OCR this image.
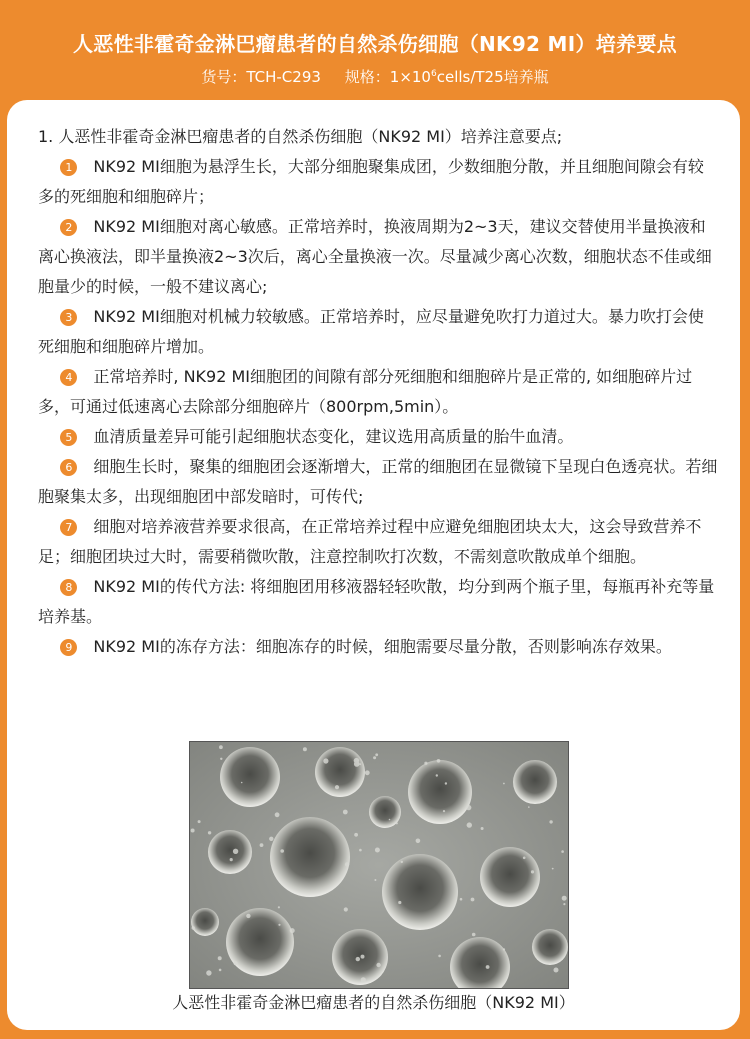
人恶性非霍奇金淋巴瘤患者的自然杀伤细胞（NK92 MI）培养要点
货号：TCH-C293 规格：$1\times 10^6cells/T25$培养瓶

1. 人恶性非霍奇金淋巴瘤患者的自然杀伤细胞（NK92 MI）培养注意要点;

1 NK92 MI细胞为悬浮生长，大部分细胞聚集成团，少数细胞分散，并且细胞间隙会有较多的死细胞和细胞碎片；

2 NK92 MI细胞对离心敏感。正常培养时，换液周期为2~3天，建议交替使用半量换液和离心换液法，即半量换液2~3次后，离心全量换液一次。尽量减少离心次数，细胞状态不佳或细胞量少的时候，一般不建议离心;

3 NK92 MI细胞对机械力较敏感。正常培养时，应尽量避免吹打力道过大。暴力吹打会使死细胞和细胞碎片增加。

4 正常培养时, NK92 MI细胞团的间隙有部分死细胞和细胞碎片是正常的, 如细胞碎片过多，可通过低速离心去除部分细胞碎片（800rpm,5min）。

5 血清质量差异可能引起细胞状态变化，建议选用高质量的胎牛血清。

6 细胞生长时，聚集的细胞团会逐渐增大，正常的细胞团在显微镜下呈现白色透亮状。若细胞聚集太多，出现细胞团中部发暗时，可传代;

7 细胞对培养液营养要求很高，在正常培养过程中应避免细胞团块太大，这会导致营养不足；细胞团块过大时，需要稍微吹散，注意控制吹打次数，不需刻意吹散成单个细胞。

8 NK92 MI的传代方法: 将细胞团用移液器轻轻吹散，均分到两个瓶子里，每瓶再补充等量培养基。

9 NK92 MI的冻存方法：细胞冻存的时候，细胞需要尽量分散，否则影响冻存效果。

人恶性非霍奇金淋巴瘤患者的自然杀伤细胞（NK92 MI）
